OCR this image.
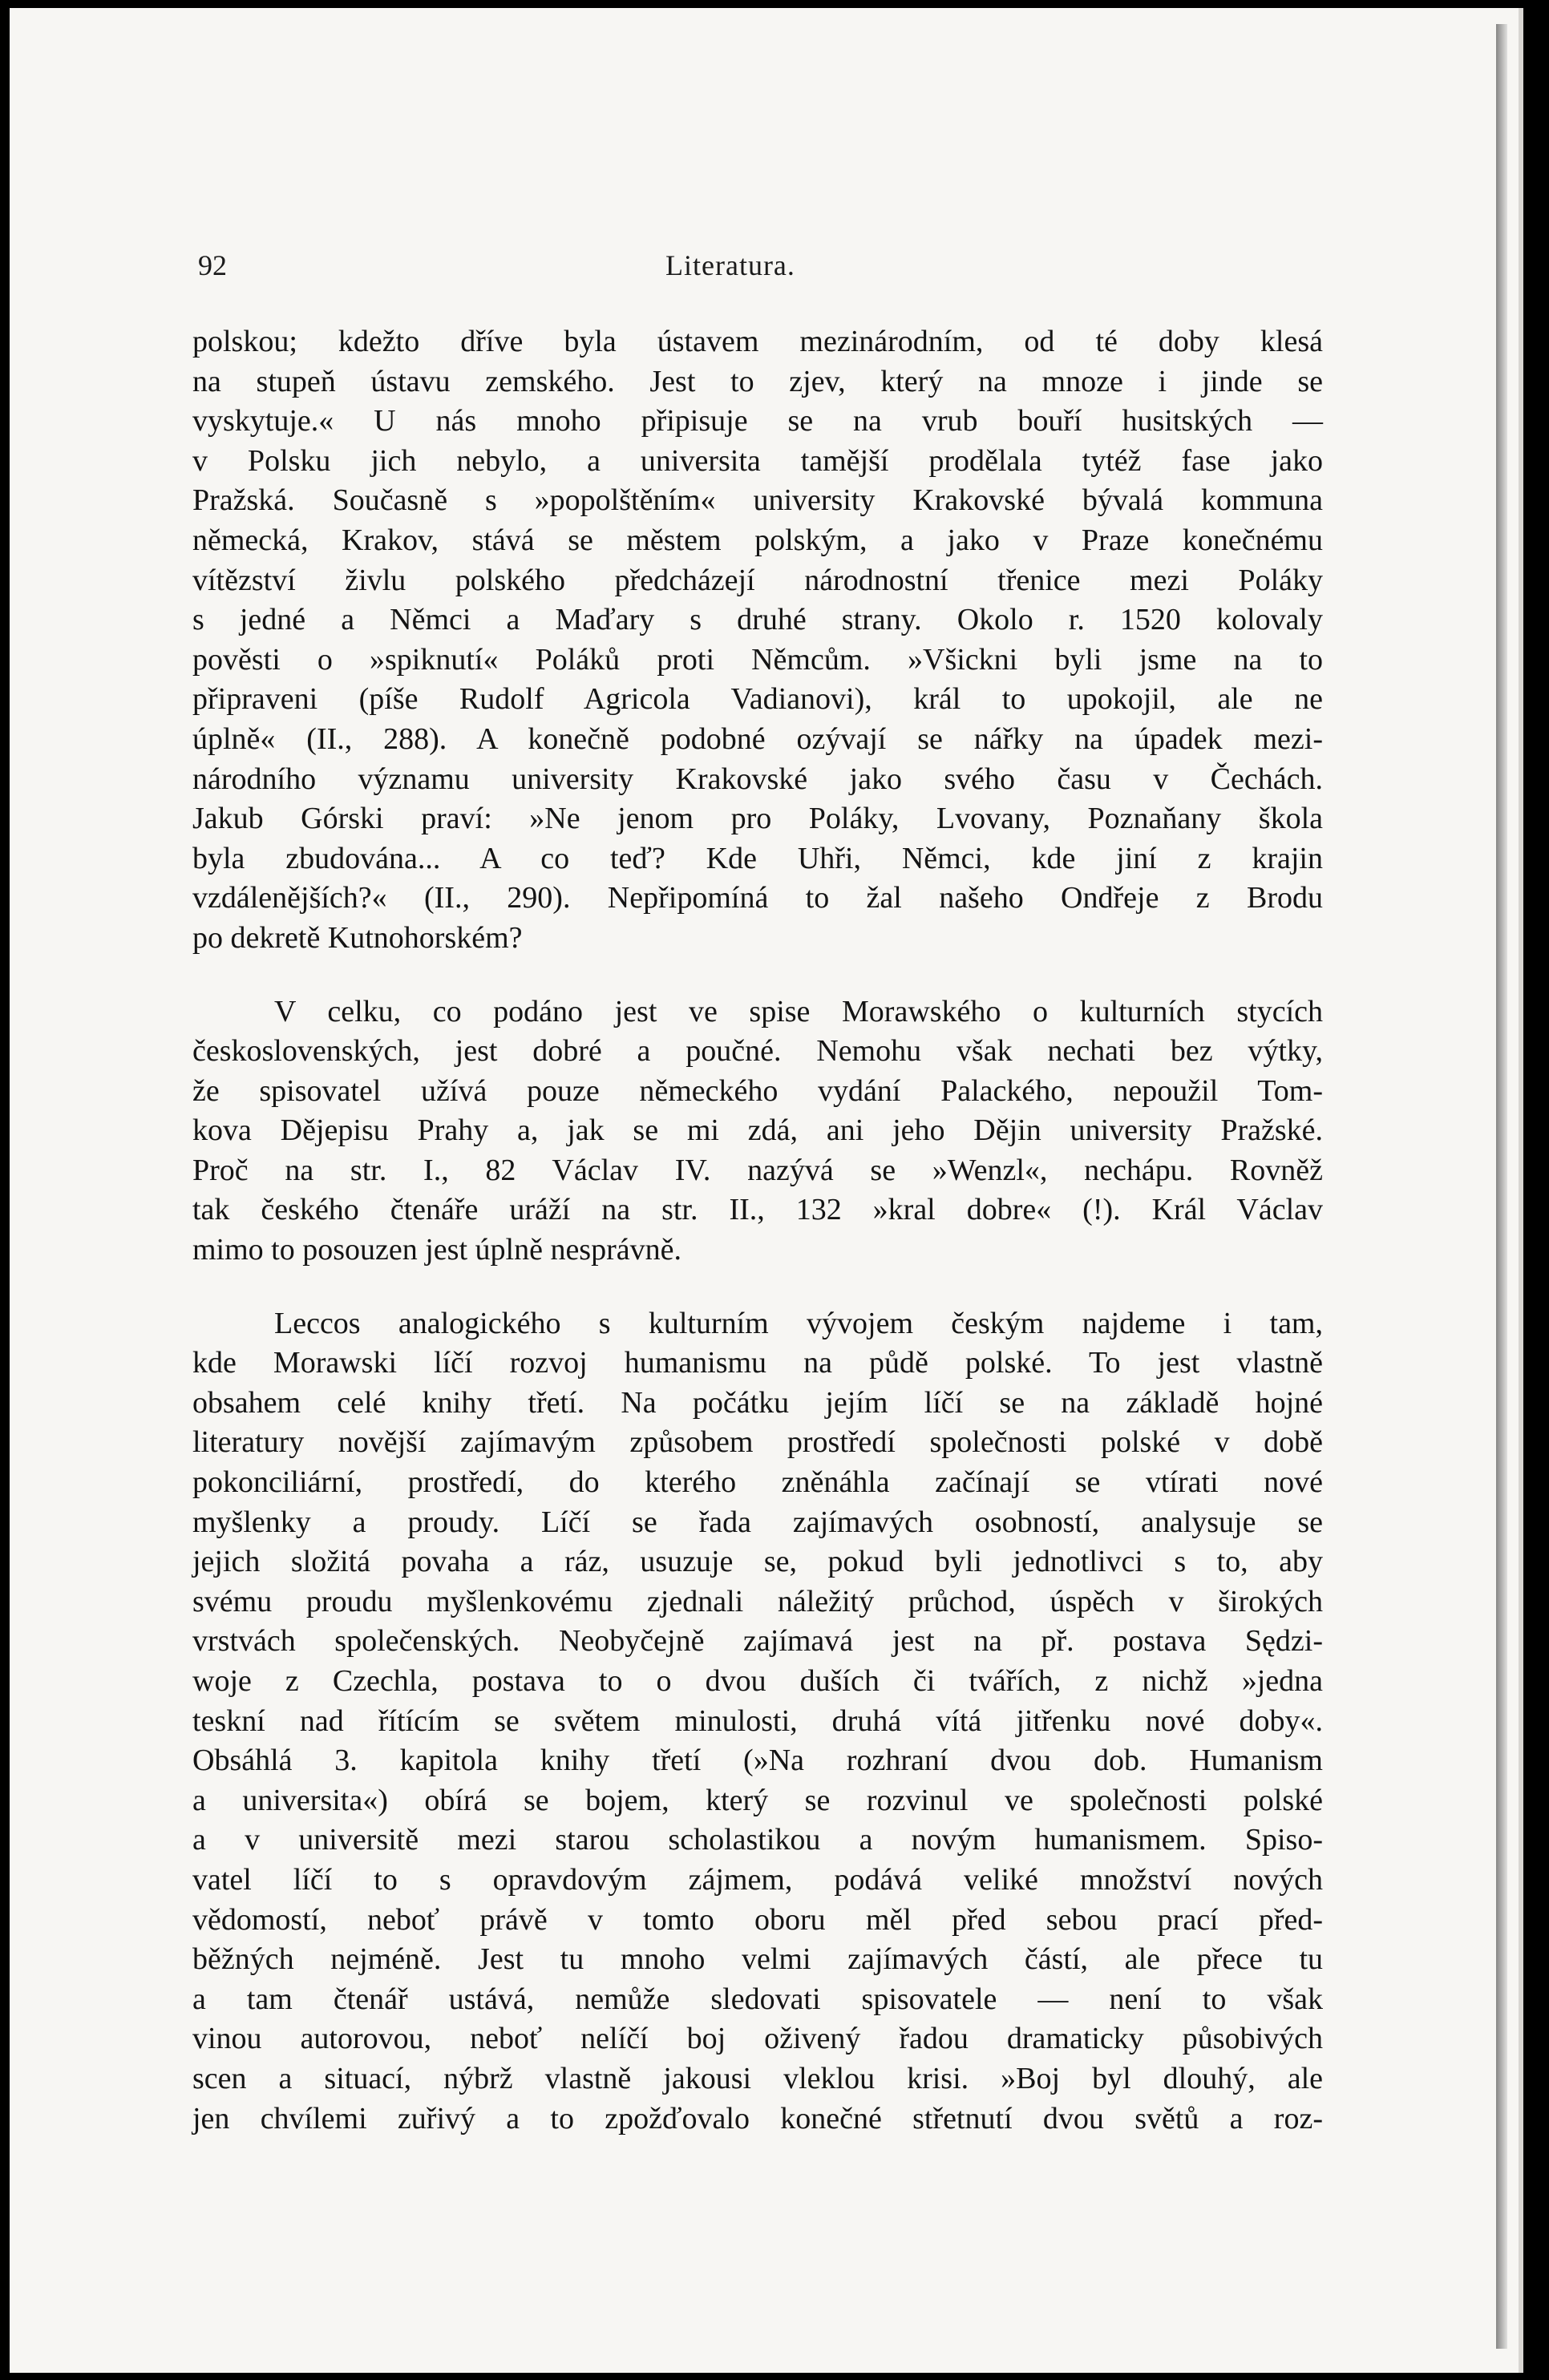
92	Literatura.
polskou; kdežto dříve byla ústavem mezinárodním, od té doby klesá
na stupeň ústavu zemského. Jest to zjev, který na mnoze i jinde se
vyskytuje.« U nás mnoho připisuje se na vrub bouří husitských —
v Polsku jich nebylo, a universita tamější prodělala tytéž fase jako
Pražská. Současně s »popolštěním« university Krakovské bývalá kommuna
německá, Krakov, stává se městem polským, a jako v Praze konečnému
vítězství živlu polského předcházejí národnostní třenice mezi Poláky
s jedné a Němci a Maďary s druhé strany. Okolo r. 1520 kolovaly
pověsti o »spiknutí« Poláků proti Němcům. »Všickni byli jsme na to
připraveni (píše Rudolf Agricola Vadianovi), král to upokojil, ale ne
úplně« (II., 288). A konečně podobné ozývají se nářky na úpadek mezi-
národního významu university Krakovské jako svého času v Čechách.
Jakub Górski praví: »Ne jenom pro Poláky, Lvovany, Poznaňany škola
byla zbudována... A co teď? Kde Uhři, Němci, kde jiní z krajin
vzdálenějších?« (II., 290). Nepřipomíná to žal našeho Ondřeje z Brodu
po dekretě Kutnohorském?
V celku, co podáno jest ve spise Morawského o kulturních stycích
československých, jest dobré a poučné. Nemohu však nechati bez výtky,
že spisovatel užívá pouze německého vydání Palackého, nepoužil Tom-
kova Dějepisu Prahy a, jak se mi zdá, ani jeho Dějin university Pražské.
Proč na str. I., 82 Václav IV. nazývá se »Wenzl«, nechápu. Rovněž
tak českého čtenáře uráží na str. II., 132 »kral dobre« (!). Král Václav
mimo to posouzen jest úplně nesprávně.
Leccos analogického s kulturním vývojem českým najdeme i tam,
kde Morawski líčí rozvoj humanismu na půdě polské. To jest vlastně
obsahem celé knihy třetí. Na počátku jejím líčí se na základě hojné
literatury novější zajímavým způsobem prostředí společnosti polské v době
pokonciliární, prostředí, do kterého zněnáhla začínají se vtírati nové
myšlenky a proudy. Líčí se řada zajímavých osobností, analysuje se
jejich složitá povaha a ráz, usuzuje se, pokud byli jednotlivci s to, aby
svému proudu myšlenkovému zjednali náležitý průchod, úspěch v širokých
vrstvách společenských. Neobyčejně zajímavá jest na př. postava Sędzi-
woje z Czechla, postava to o dvou duších či tvářích, z nichž »jedna
teskní nad řítícím se světem minulosti, druhá vítá jitřenku nové doby«.
Obsáhlá 3. kapitola knihy třetí (»Na rozhraní dvou dob. Humanism
a universita«) obírá se bojem, který se rozvinul ve společnosti polské
a v universitě mezi starou scholastikou a novým humanismem. Spiso-
vatel líčí to s opravdovým zájmem, podává veliké množství nových
vědomostí, neboť právě v tomto oboru měl před sebou prací před-
běžných nejméně. Jest tu mnoho velmi zajímavých částí, ale přece tu
a tam čtenář ustává, nemůže sledovati spisovatele — není to však
vinou autorovou, neboť nelíčí boj oživený řadou dramaticky působivých
scen a situací, nýbrž vlastně jakousi vleklou krisi. »Boj byl dlouhý, ale
jen chvílemi zuřivý a to zpožďovalo konečné střetnutí dvou světů a roz-
